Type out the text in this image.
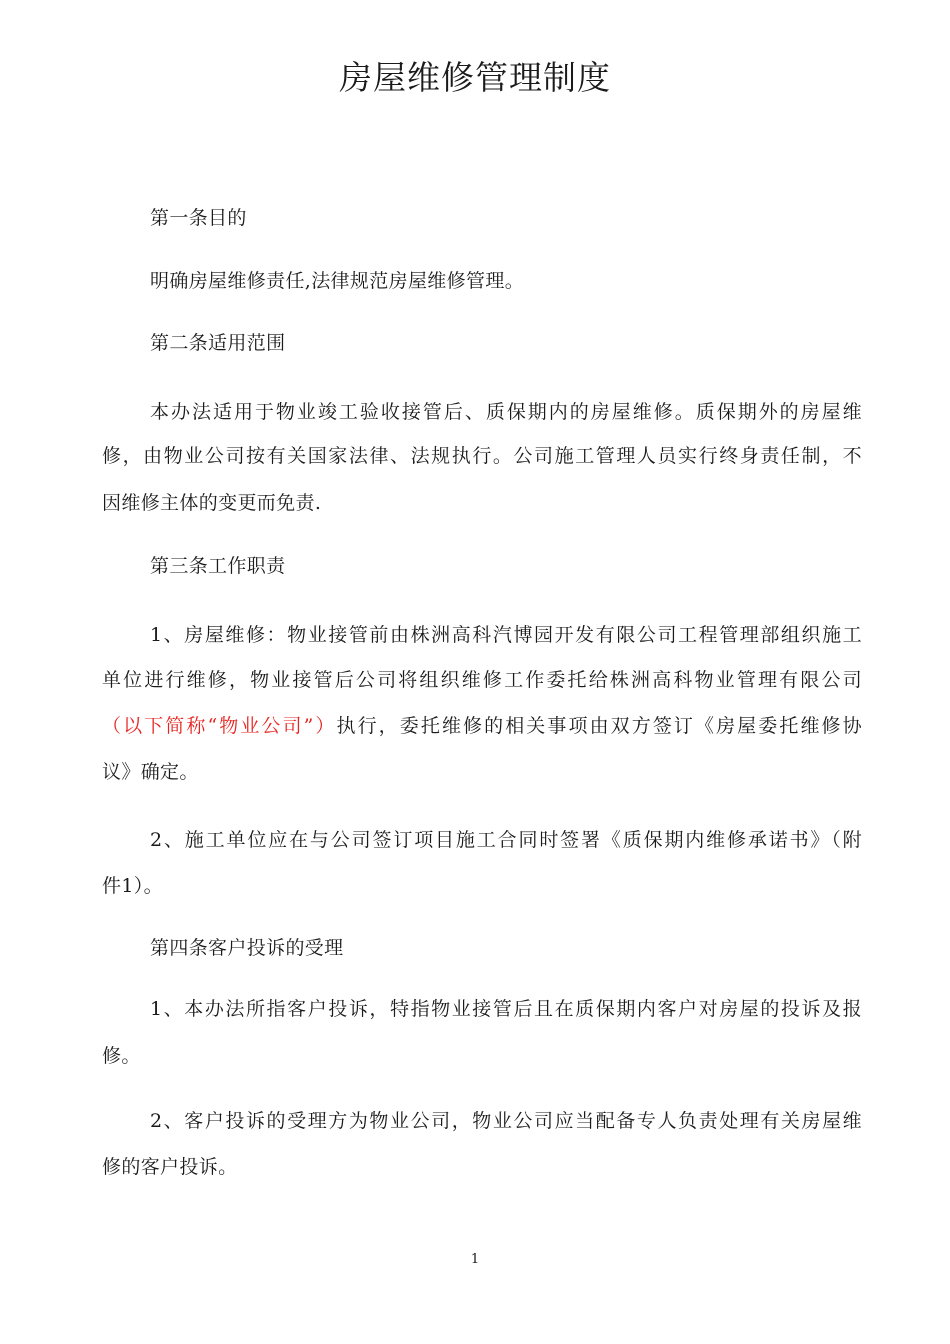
房屋维修管理制度
第一条目的
明确房屋维修责任,法律规范房屋维修管理。
第二条适用范围
本办法适用于物业竣工验收接管后、质保期内的房屋维修。质保期外的房屋维
修，由物业公司按有关国家法律、法规执行。公司施工管理人员实行终身责任制，不
因维修主体的变更而免责.
第三条工作职责
1、房屋维修：物业接管前由株洲高科汽博园开发有限公司工程管理部组织施工
单位进行维修，物业接管后公司将组织维修工作委托给株洲高科物业管理有限公司
（以下简称“物业公司”）执行，委托维修的相关事项由双方签订《房屋委托维修协
议》确定。
2、施工单位应在与公司签订项目施工合同时签署《质保期内维修承诺书》（附
件1）。
第四条客户投诉的受理
1、本办法所指客户投诉，特指物业接管后且在质保期内客户对房屋的投诉及报
修。
2、客户投诉的受理方为物业公司，物业公司应当配备专人负责处理有关房屋维
修的客户投诉。
1
